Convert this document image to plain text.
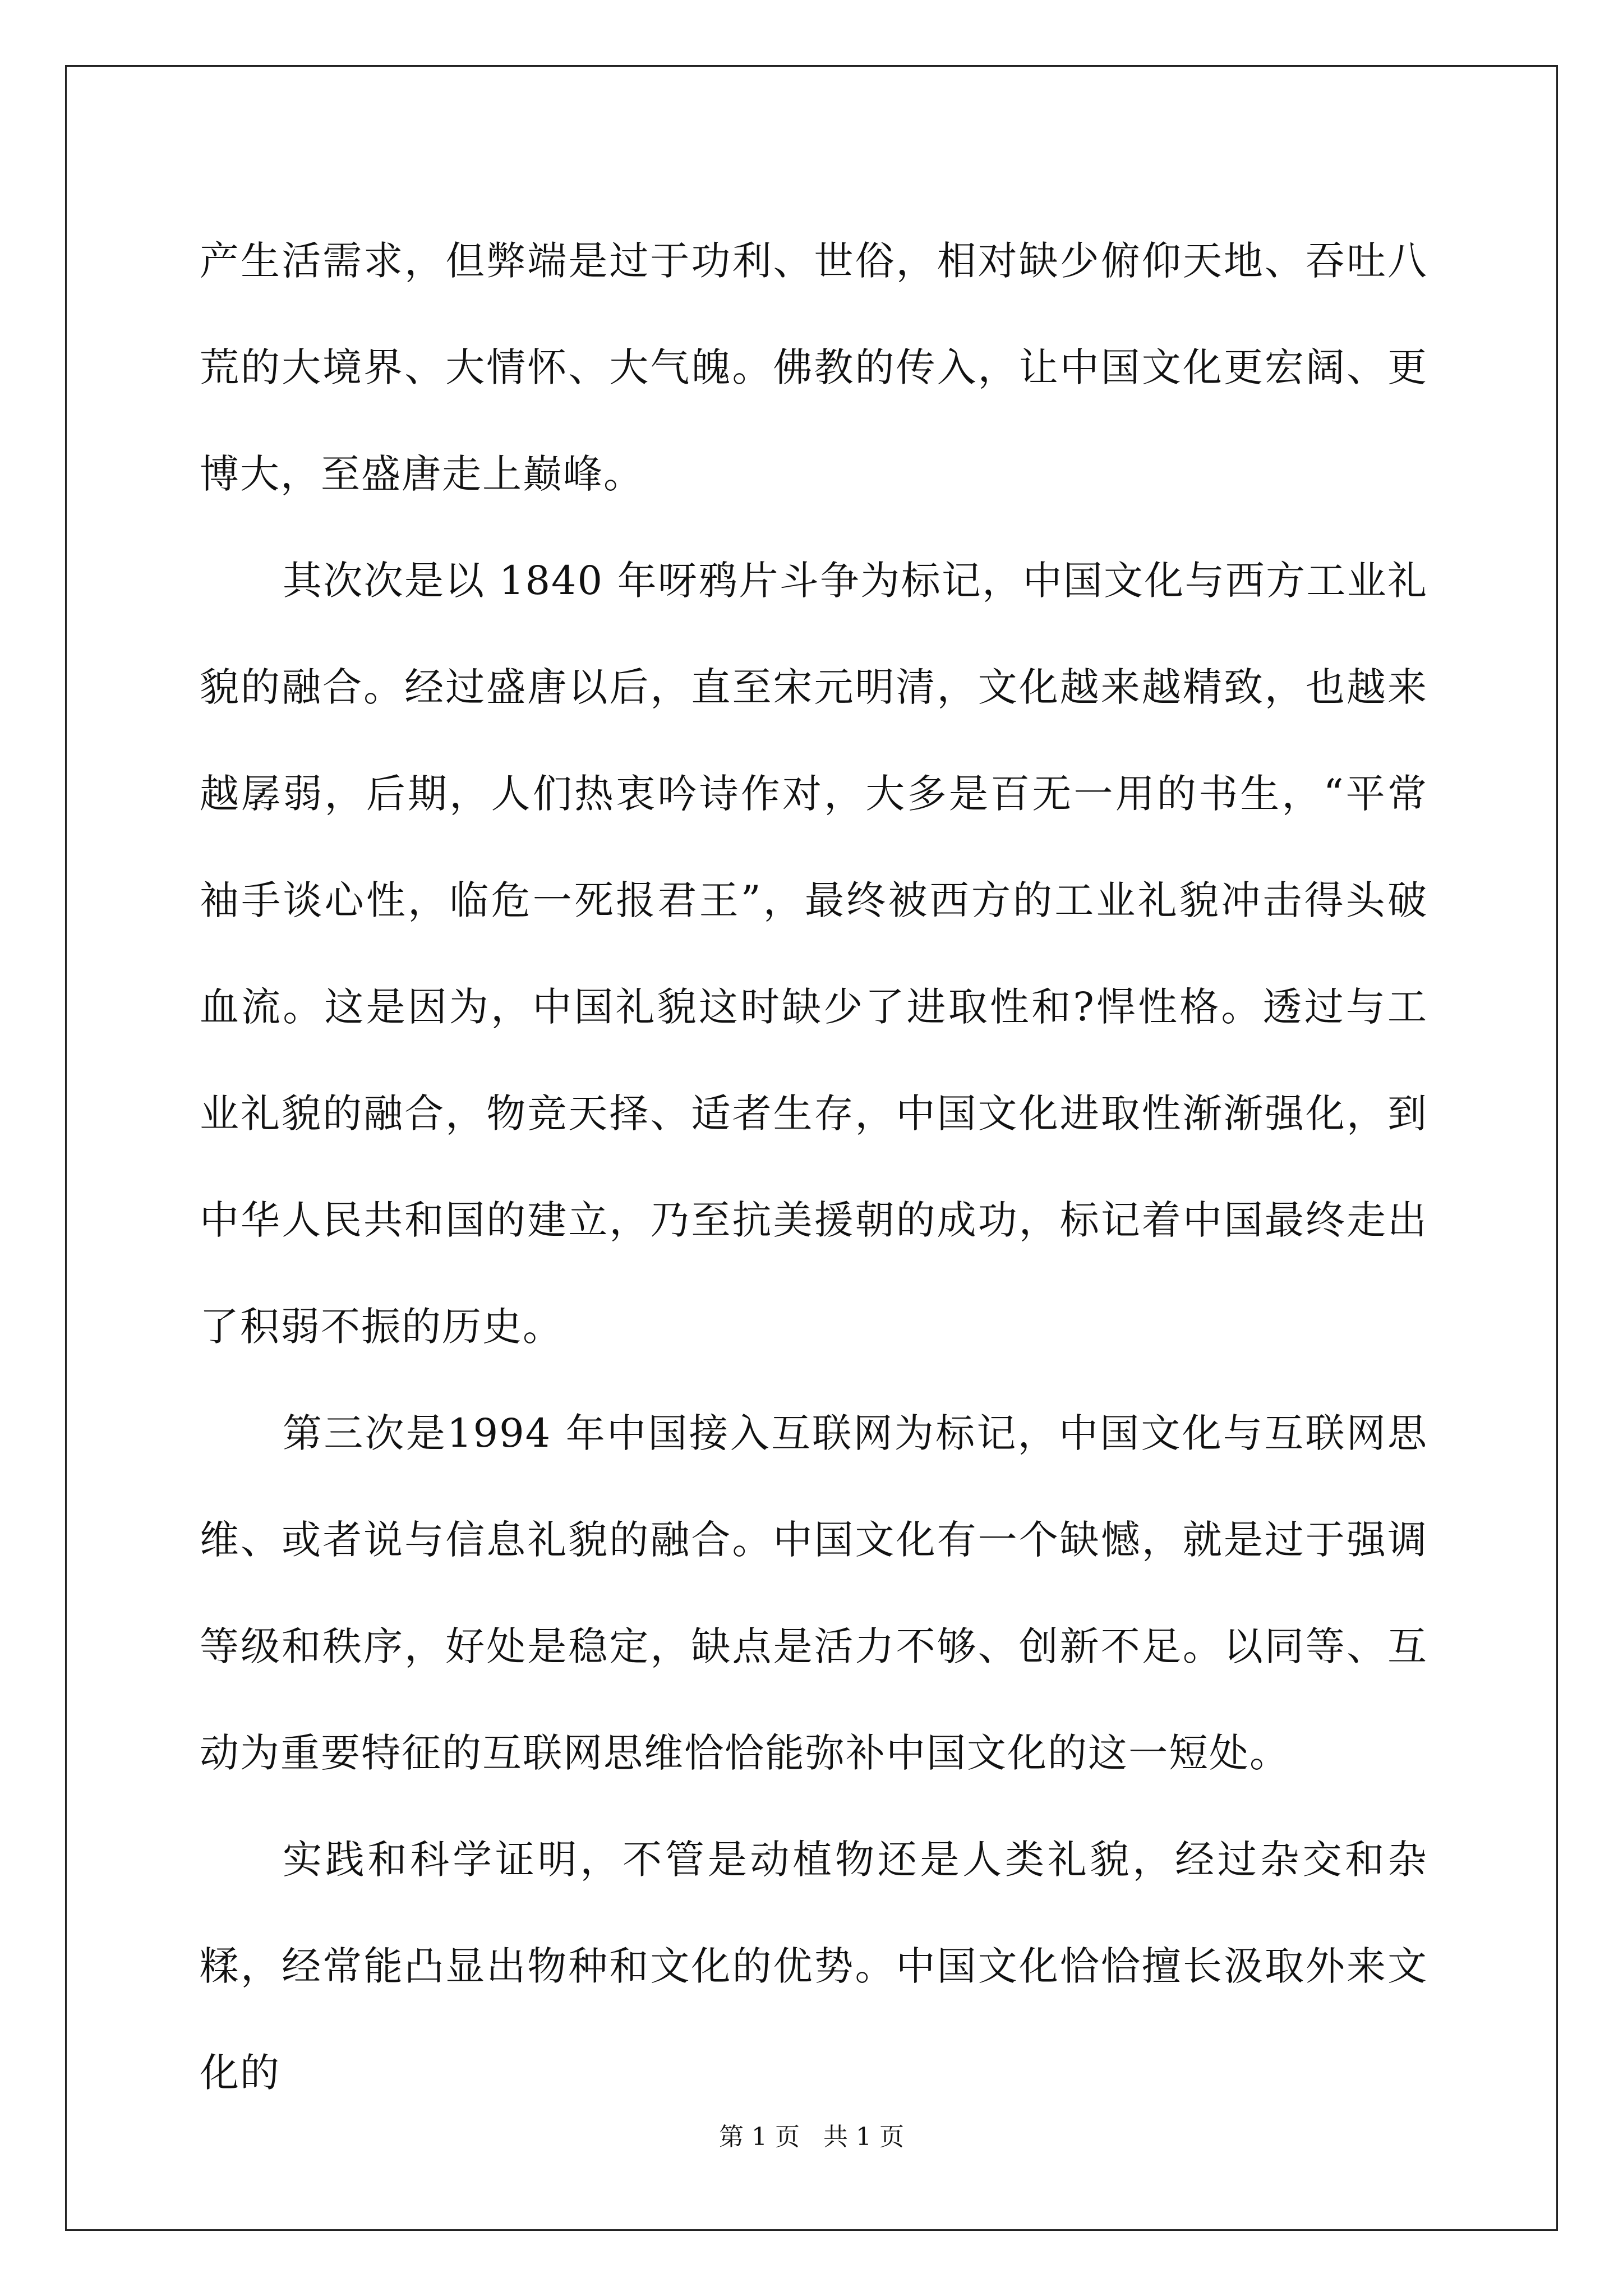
产生活需求，但弊端是过于功利、世俗，相对缺少俯仰天地、吞吐八荒的大境界、大情怀、大气魄。佛教的传入，让中国文化更宏阔、更博大，至盛唐走上巅峰。

其次次是以 1840 年呀鸦片斗争为标记，中国文化与西方工业礼貌的融合。经过盛唐以后，直至宋元明清，文化越来越精致，也越来越孱弱，后期，人们热衷吟诗作对，大多是百无一用的书生，“平常袖手谈心性，临危一死报君王”，最终被西方的工业礼貌冲击得头破血流。这是因为，中国礼貌这时缺少了进取性和?悍性格。透过与工业礼貌的融合，物竞天择、适者生存，中国文化进取性渐渐强化，到中华人民共和国的建立，乃至抗美援朝的成功，标记着中国最终走出了积弱不振的历史。

第三次是1994 年中国接入互联网为标记，中国文化与互联网思维、或者说与信息礼貌的融合。中国文化有一个缺憾，就是过于强调等级和秩序，好处是稳定，缺点是活力不够、创新不足。以同等、互动为重要特征的互联网思维恰恰能弥补中国文化的这一短处。

实践和科学证明，不管是动植物还是人类礼貌，经过杂交和杂糅，经常能凸显出物种和文化的优势。中国文化恰恰擅长汲取外来文化的

第 1 页 共 1 页
